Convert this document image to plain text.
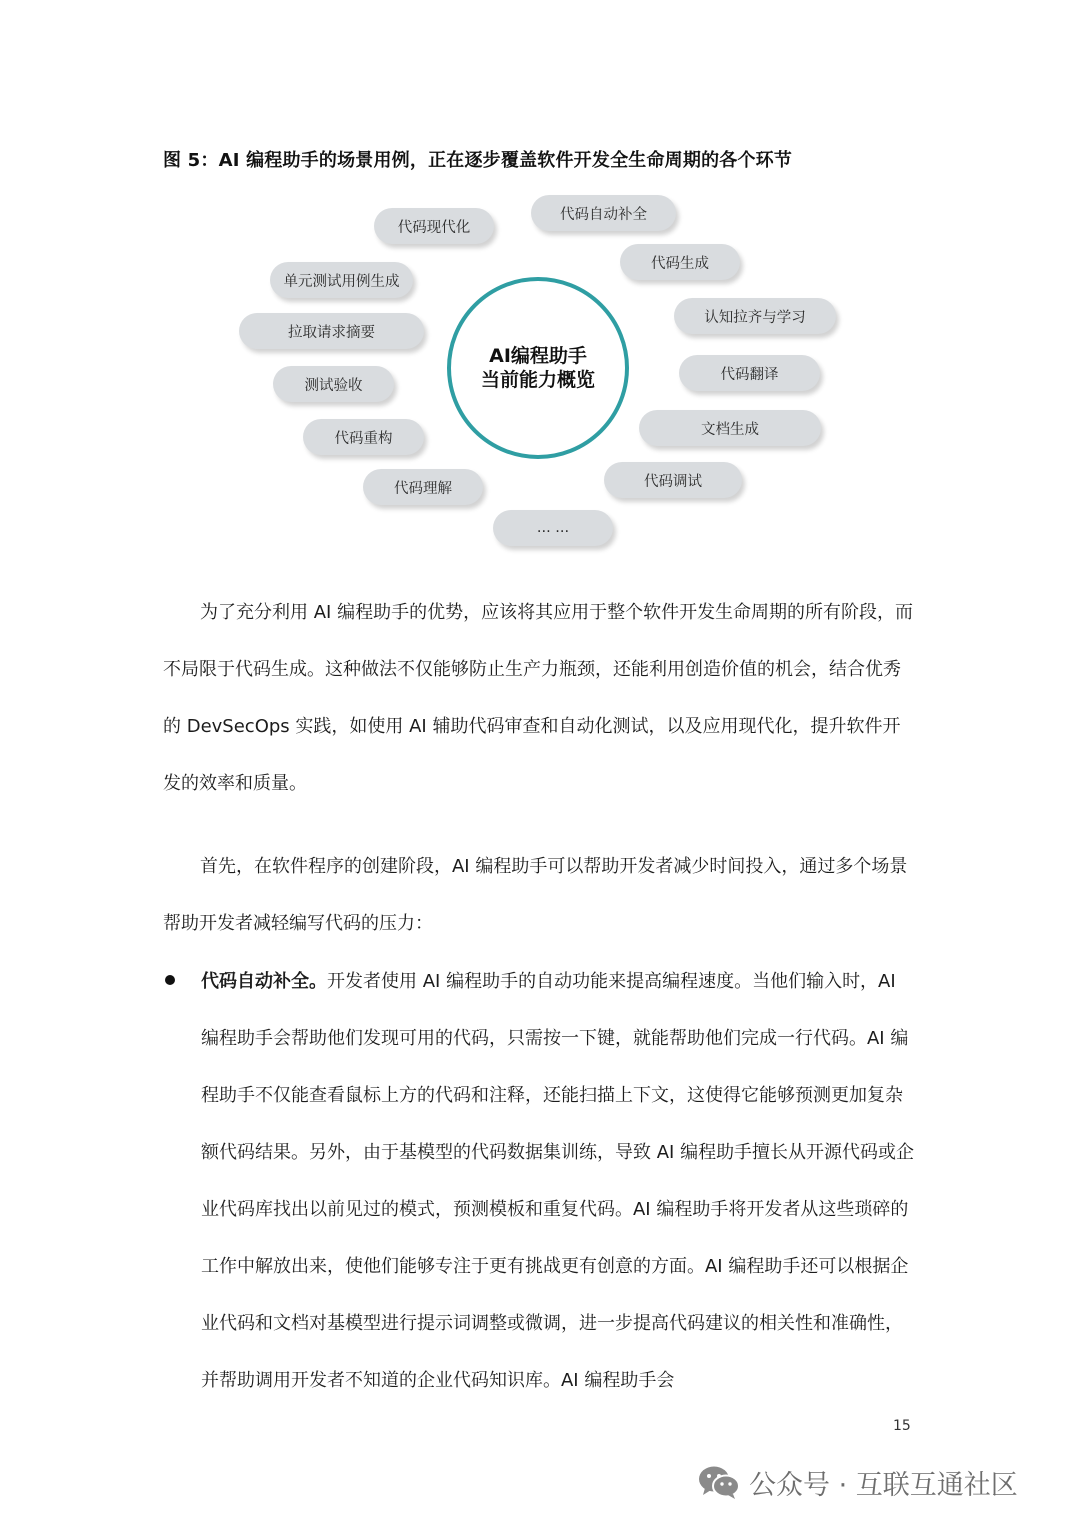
图 5：AI 编程助手的场景用例，正在逐步覆盖软件开发全生命周期的各个环节
代码现代化
代码自动补全
代码生成
单元测试用例生成
认知拉齐与学习
拉取请求摘要
代码翻译
测试验收
文档生成
代码重构
代码调试
代码理解
... ...
AI编程助手
当前能力概览

为了充分利用 AI 编程助手的优势，应该将其应用于整个软件开发生命周期的所有阶段，而不局限于代码生成。这种做法不仅能够防止生产力瓶颈，还能利用创造价值的机会，结合优秀的 DevSecOps 实践，如使用 AI 辅助代码审查和自动化测试，以及应用现代化，提升软件开发的效率和质量。

首先，在软件程序的创建阶段，AI 编程助手可以帮助开发者减少时间投入，通过多个场景帮助开发者减轻编写代码的压力：

代码自动补全。开发者使用 AI 编程助手的自动功能来提高编程速度。当他们输入时，AI 编程助手会帮助他们发现可用的代码，只需按一下键，就能帮助他们完成一行代码。AI 编程助手不仅能查看鼠标上方的代码和注释，还能扫描上下文，这使得它能够预测更加复杂额代码结果。另外，由于基模型的代码数据集训练，导致 AI 编程助手擅长从开源代码或企业代码库找出以前见过的模式，预测模板和重复代码。AI 编程助手将开发者从这些琐碎的工作中解放出来，使他们能够专注于更有挑战更有创意的方面。AI 编程助手还可以根据企业代码和文档对基模型进行提示词调整或微调，进一步提高代码建议的相关性和准确性，并帮助调用开发者不知道的企业代码知识库。AI 编程助手会

15
公众号 · 互联互通社区
